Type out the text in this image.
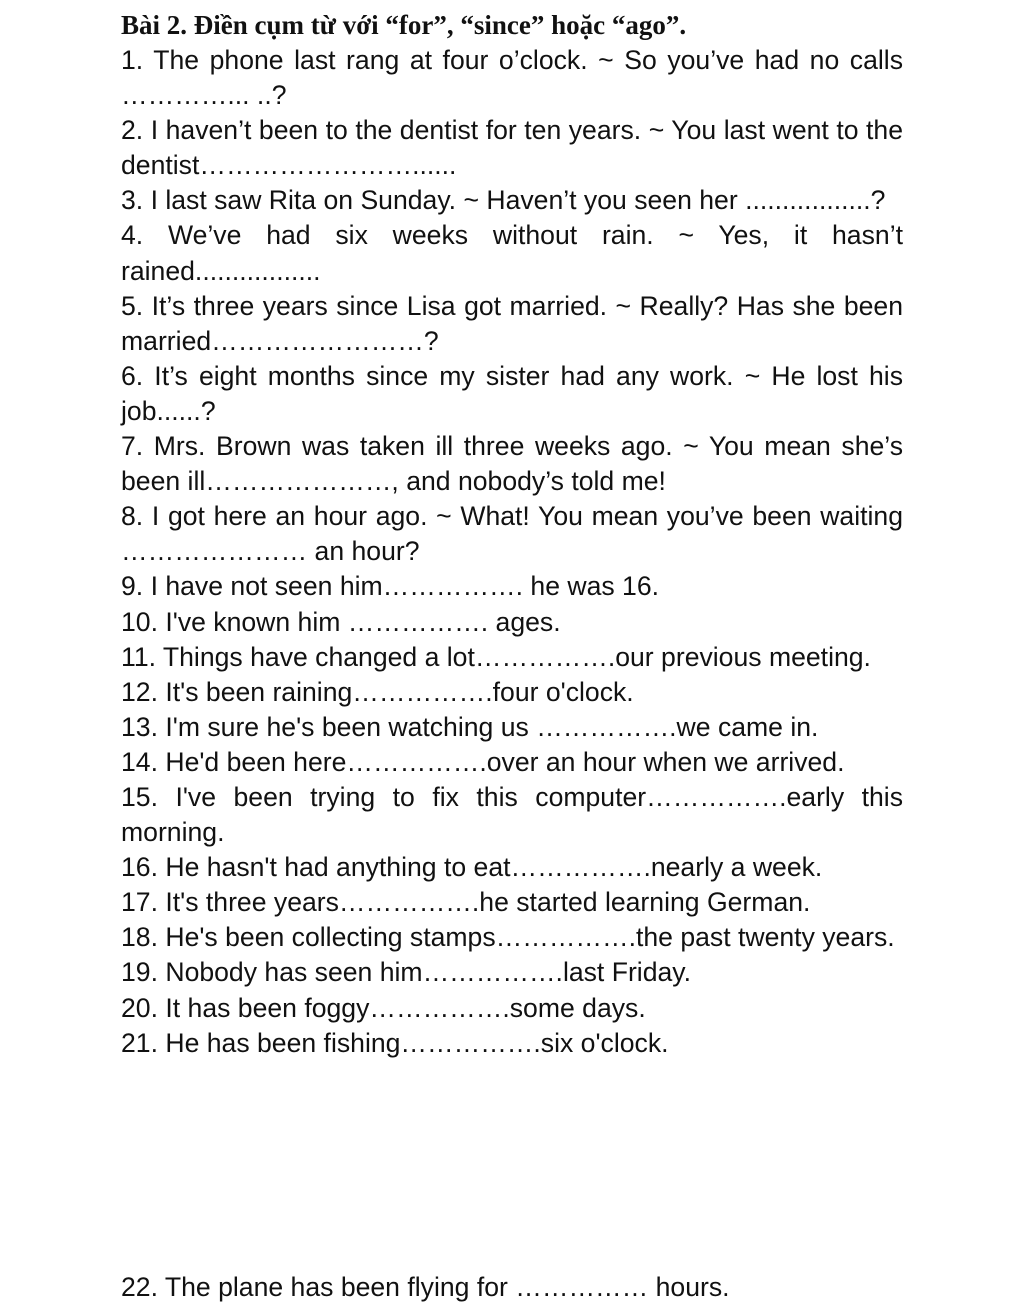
Bài 2. Điền cụm từ với “for”, “since” hoặc “ago”.

1. The phone last rang at four o’clock. ~ So you’ve had no calls …………... ..?

2. I haven’t been to the dentist for ten years. ~ You last went to the dentist……………………......

3. I last saw Rita on Sunday. ~ Haven’t you seen her .................?

4. We’ve had six weeks without rain. ~ Yes, it hasn’t rained.................

5. It’s three years since Lisa got married. ~ Really? Has she been married……………………?

6. It’s eight months since my sister had any work. ~ He lost his job......?

7. Mrs. Brown was taken ill three weeks ago. ~ You mean she’s been ill…………………, and nobody’s told me!

8. I got here an hour ago. ~ What! You mean you’ve been waiting ………………… an hour?

9. I have not seen him……………. he was 16.

10. I've known him ……………. ages.

11. Things have changed a lot…………….our previous meeting.

12. It's been raining…………….four o'clock.

13. I'm sure he's been watching us …………….we came in.

14. He'd been here…………….over an hour when we arrived.

15. I've been trying to fix this computer…………….early this morning.

16. He hasn't had anything to eat…………….nearly a week.

17. It's three years…………….he started learning German.

18. He's been collecting stamps…………….the past twenty years.

19. Nobody has seen him…………….last Friday.

20. It has been foggy…………….some days.

21. He has been fishing…………….six o'clock.

22. The plane has been flying for …………… hours.
